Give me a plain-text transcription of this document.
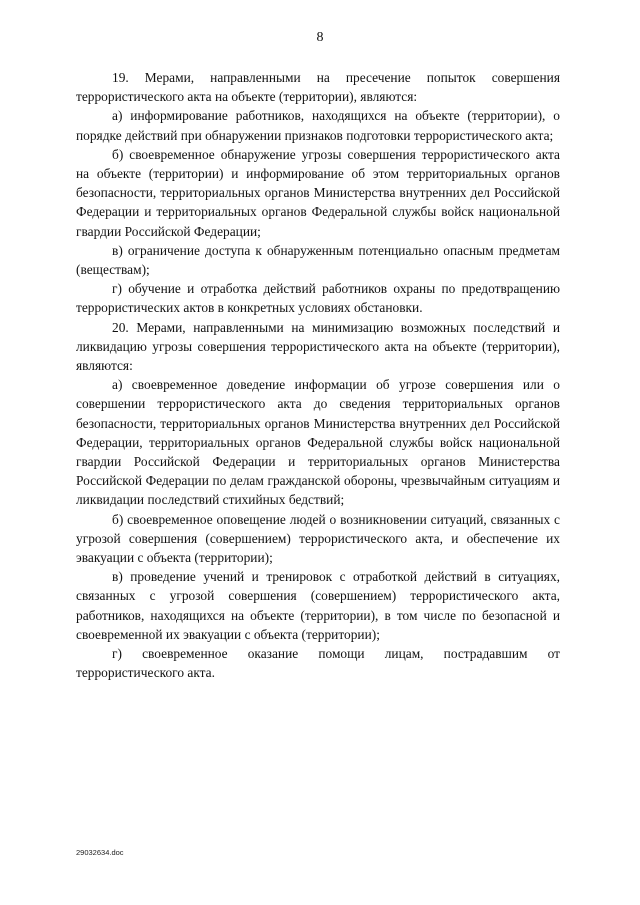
8

19. Мерами, направленными на пресечение попыток совершения террористического акта на объекте (территории), являются:

а) информирование работников, находящихся на объекте (территории), о порядке действий при обнаружении признаков подготовки террористического акта;

б) своевременное обнаружение угрозы совершения террористического акта на объекте (территории) и информирование об этом территориальных органов безопасности, территориальных органов Министерства внутренних дел Российской Федерации и территориальных органов Федеральной службы войск национальной гвардии Российской Федерации;

в) ограничение доступа к обнаруженным потенциально опасным предметам (веществам);

г) обучение и отработка действий работников охраны по предотвращению террористических актов в конкретных условиях обстановки.

20. Мерами, направленными на минимизацию возможных последствий и ликвидацию угрозы совершения террористического акта на объекте (территории), являются:

а) своевременное доведение информации об угрозе совершения или о совершении террористического акта до сведения территориальных органов безопасности, территориальных органов Министерства внутренних дел Российской Федерации, территориальных органов Федеральной службы войск национальной гвардии Российской Федерации и территориальных органов Министерства Российской Федерации по делам гражданской обороны, чрезвычайным ситуациям и ликвидации последствий стихийных бедствий;

б) своевременное оповещение людей о возникновении ситуаций, связанных с угрозой совершения (совершением) террористического акта, и обеспечение их эвакуации с объекта (территории);

в) проведение учений и тренировок с отработкой действий в ситуациях, связанных с угрозой совершения (совершением) террористического акта, работников, находящихся на объекте (территории), в том числе по безопасной и своевременной их эвакуации с объекта (территории);

г) своевременное оказание помощи лицам, пострадавшим от террористического акта.

29032634.doc
